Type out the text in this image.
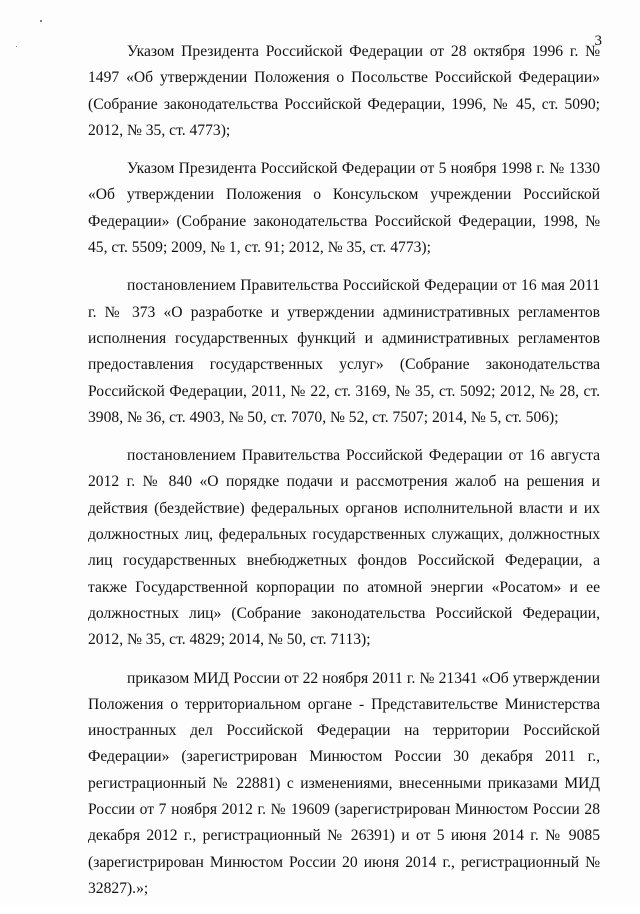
3

Указом Президента Российской Федерации от 28 октября 1996 г. № 1497 «Об утверждении Положения о Посольстве Российской Федерации» (Собрание законодательства Российской Федерации, 1996, № 45, ст. 5090; 2012, № 35, ст. 4773);

Указом Президента Российской Федерации от 5 ноября 1998 г. № 1330 «Об утверждении Положения о Консульском учреждении Российской Федерации» (Собрание законодательства Российской Федерации, 1998, № 45, ст. 5509; 2009, № 1, ст. 91; 2012, № 35, ст. 4773);

постановлением Правительства Российской Федерации от 16 мая 2011 г. № 373 «О разработке и утверждении административных регламентов исполнения государственных функций и административных регламентов предоставления государственных услуг» (Собрание законодательства Российской Федерации, 2011, № 22, ст. 3169, № 35, ст. 5092; 2012, № 28, ст. 3908, № 36, ст. 4903, № 50, ст. 7070, № 52, ст. 7507; 2014, № 5, ст. 506);

постановлением Правительства Российской Федерации от 16 августа 2012 г. № 840 «О порядке подачи и рассмотрения жалоб на решения и действия (бездействие) федеральных органов исполнительной власти и их должностных лиц, федеральных государственных служащих, должностных лиц государственных внебюджетных фондов Российской Федерации, а также Государственной корпорации по атомной энергии «Росатом» и ее должностных лиц» (Собрание законодательства Российской Федерации, 2012, № 35, ст. 4829; 2014, № 50, ст. 7113);

приказом МИД России от 22 ноября 2011 г. № 21341 «Об утверждении Положения о территориальном органе - Представительстве Министерства иностранных дел Российской Федерации на территории Российской Федерации» (зарегистрирован Минюстом России 30 декабря 2011 г., регистрационный № 22881) с изменениями, внесенными приказами МИД России от 7 ноября 2012 г. № 19609 (зарегистрирован Минюстом России 28 декабря 2012 г., регистрационный № 26391) и от 5 июня 2014 г. № 9085 (зарегистрирован Минюстом России 20 июня 2014 г., регистрационный № 32827).»;
